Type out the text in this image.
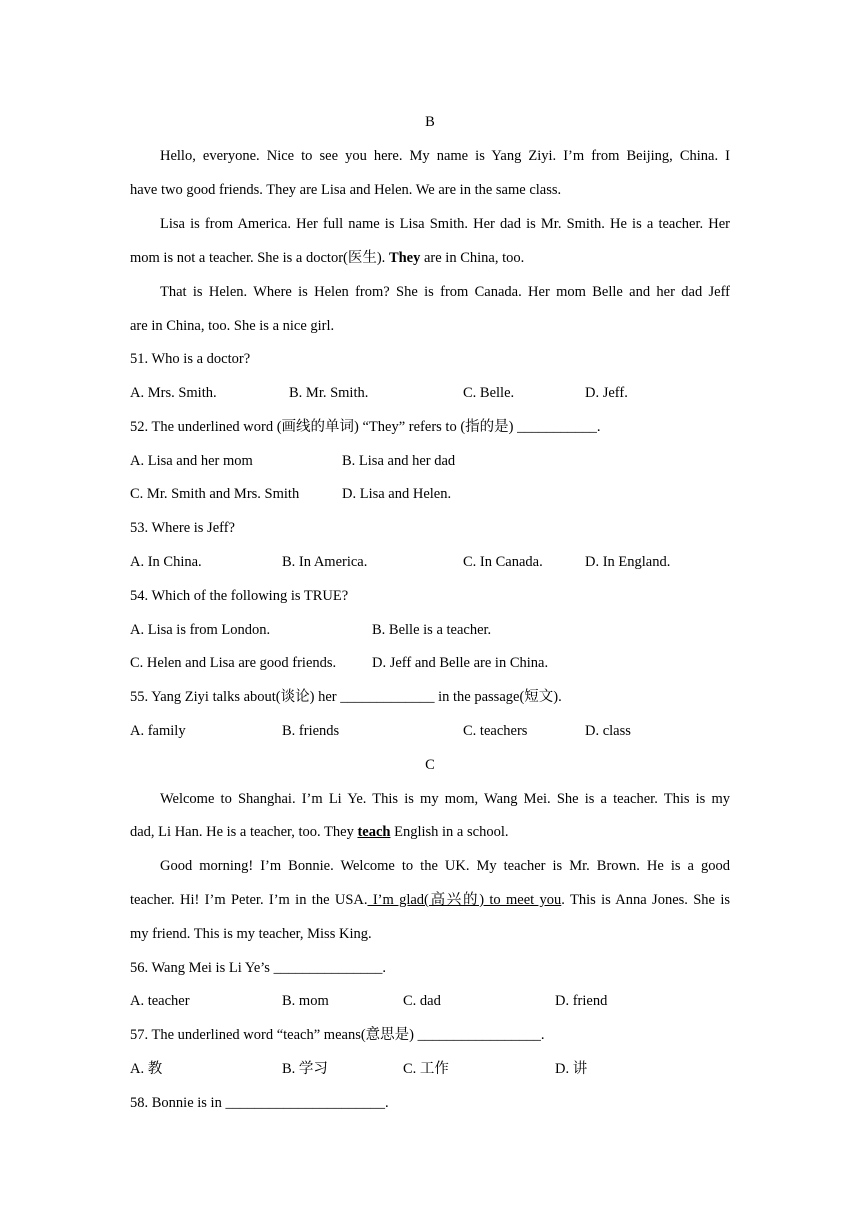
B
Hello, everyone. Nice to see you here. My name is Yang Ziyi. I’m from Beijing, China. I
have two good friends. They are Lisa and Helen. We are in the same class.
Lisa is from America. Her full name is Lisa Smith. Her dad is Mr. Smith. He is a teacher. Her
mom is not a teacher. She is a doctor(医生). They are in China, too.
That is Helen. Where is Helen from? She is from Canada. Her mom Belle and her dad Jeff
are in China, too. She is a nice girl.
51. Who is a doctor?
A. Mrs. Smith.	B. Mr. Smith.	C. Belle.	D. Jeff.
52. The underlined word (画线的单词) “They” refers to (指的是) ___________.
A. Lisa and her mom	B. Lisa and her dad
C. Mr. Smith and Mrs. Smith	D. Lisa and Helen.
53. Where is Jeff?
A. In China.	B. In America.	C. In Canada.	D. In England.
54. Which of the following is TRUE?
A. Lisa is from London.	B. Belle is a teacher.
C. Helen and Lisa are good friends. D. Jeff and Belle are in China.
55. Yang Ziyi talks about(谈论) her _____________ in the passage(短文).
A. family	B. friends	C. teachers	D. class
C
Welcome to Shanghai. I’m Li Ye. This is my mom, Wang Mei. She is a teacher. This is my
dad, Li Han. He is a teacher, too. They teach English in a school.
Good morning! I’m Bonnie. Welcome to the UK. My teacher is Mr. Brown. He is a good
teacher. Hi! I’m Peter. I’m in the USA. I’m glad(高兴的) to meet you. This is Anna Jones. She is
my friend. This is my teacher, Miss King.
56. Wang Mei is Li Ye’s _______________.
A. teacher	B. mom	C. dad	D. friend
57. The underlined word “teach” means(意思是) _________________.
A. 教	B. 学习	C. 工作	D. 讲
58. Bonnie is in ______________________.
